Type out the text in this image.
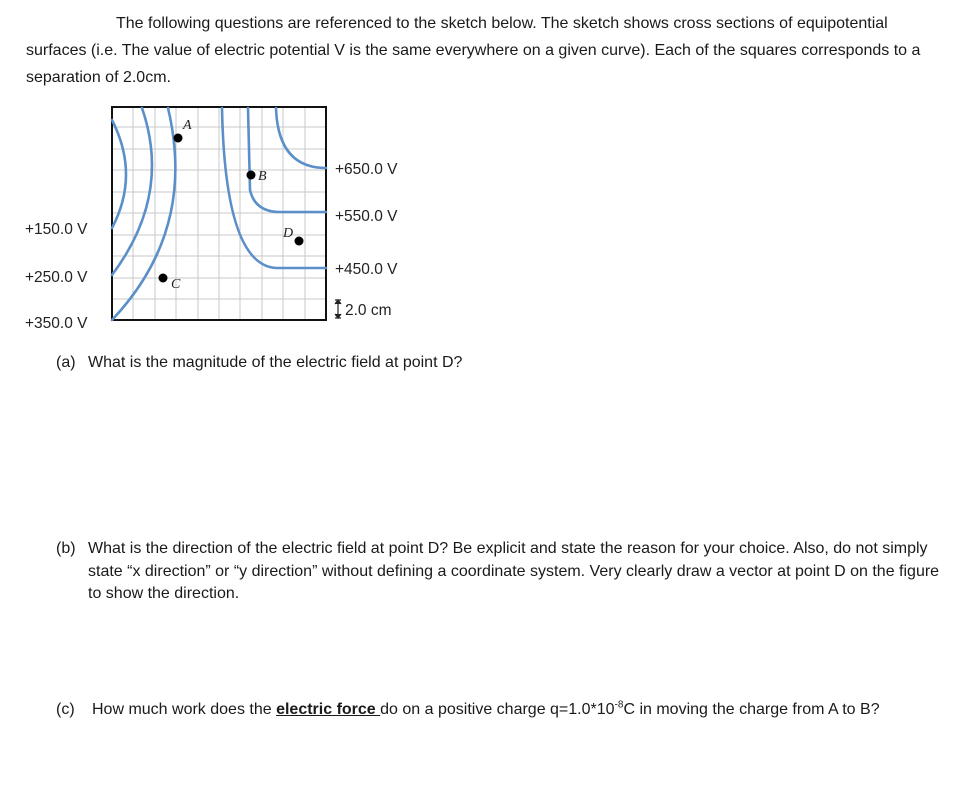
The following questions are referenced to the sketch below. The sketch shows cross sections of equipotential surfaces (i.e. The value of electric potential V is the same everywhere on a given curve). Each of the squares corresponds to a separation of 2.0cm.
A
B
C
D
+150.0 V
+250.0 V
+350.0 V
+650.0 V
+550.0 V
+450.0 V
2.0 cm
(a) What is the magnitude of the electric field at point D?
(b) What is the direction of the electric field at point D? Be explicit and state the reason for your choice. Also, do not simply state “x direction” or “y direction” without defining a coordinate system. Very clearly draw a vector at point D on the figure to show the direction.
(c) How much work does the electric force do on a positive charge $q=1.0*10^{-8}C$ in moving the charge from A to B?
